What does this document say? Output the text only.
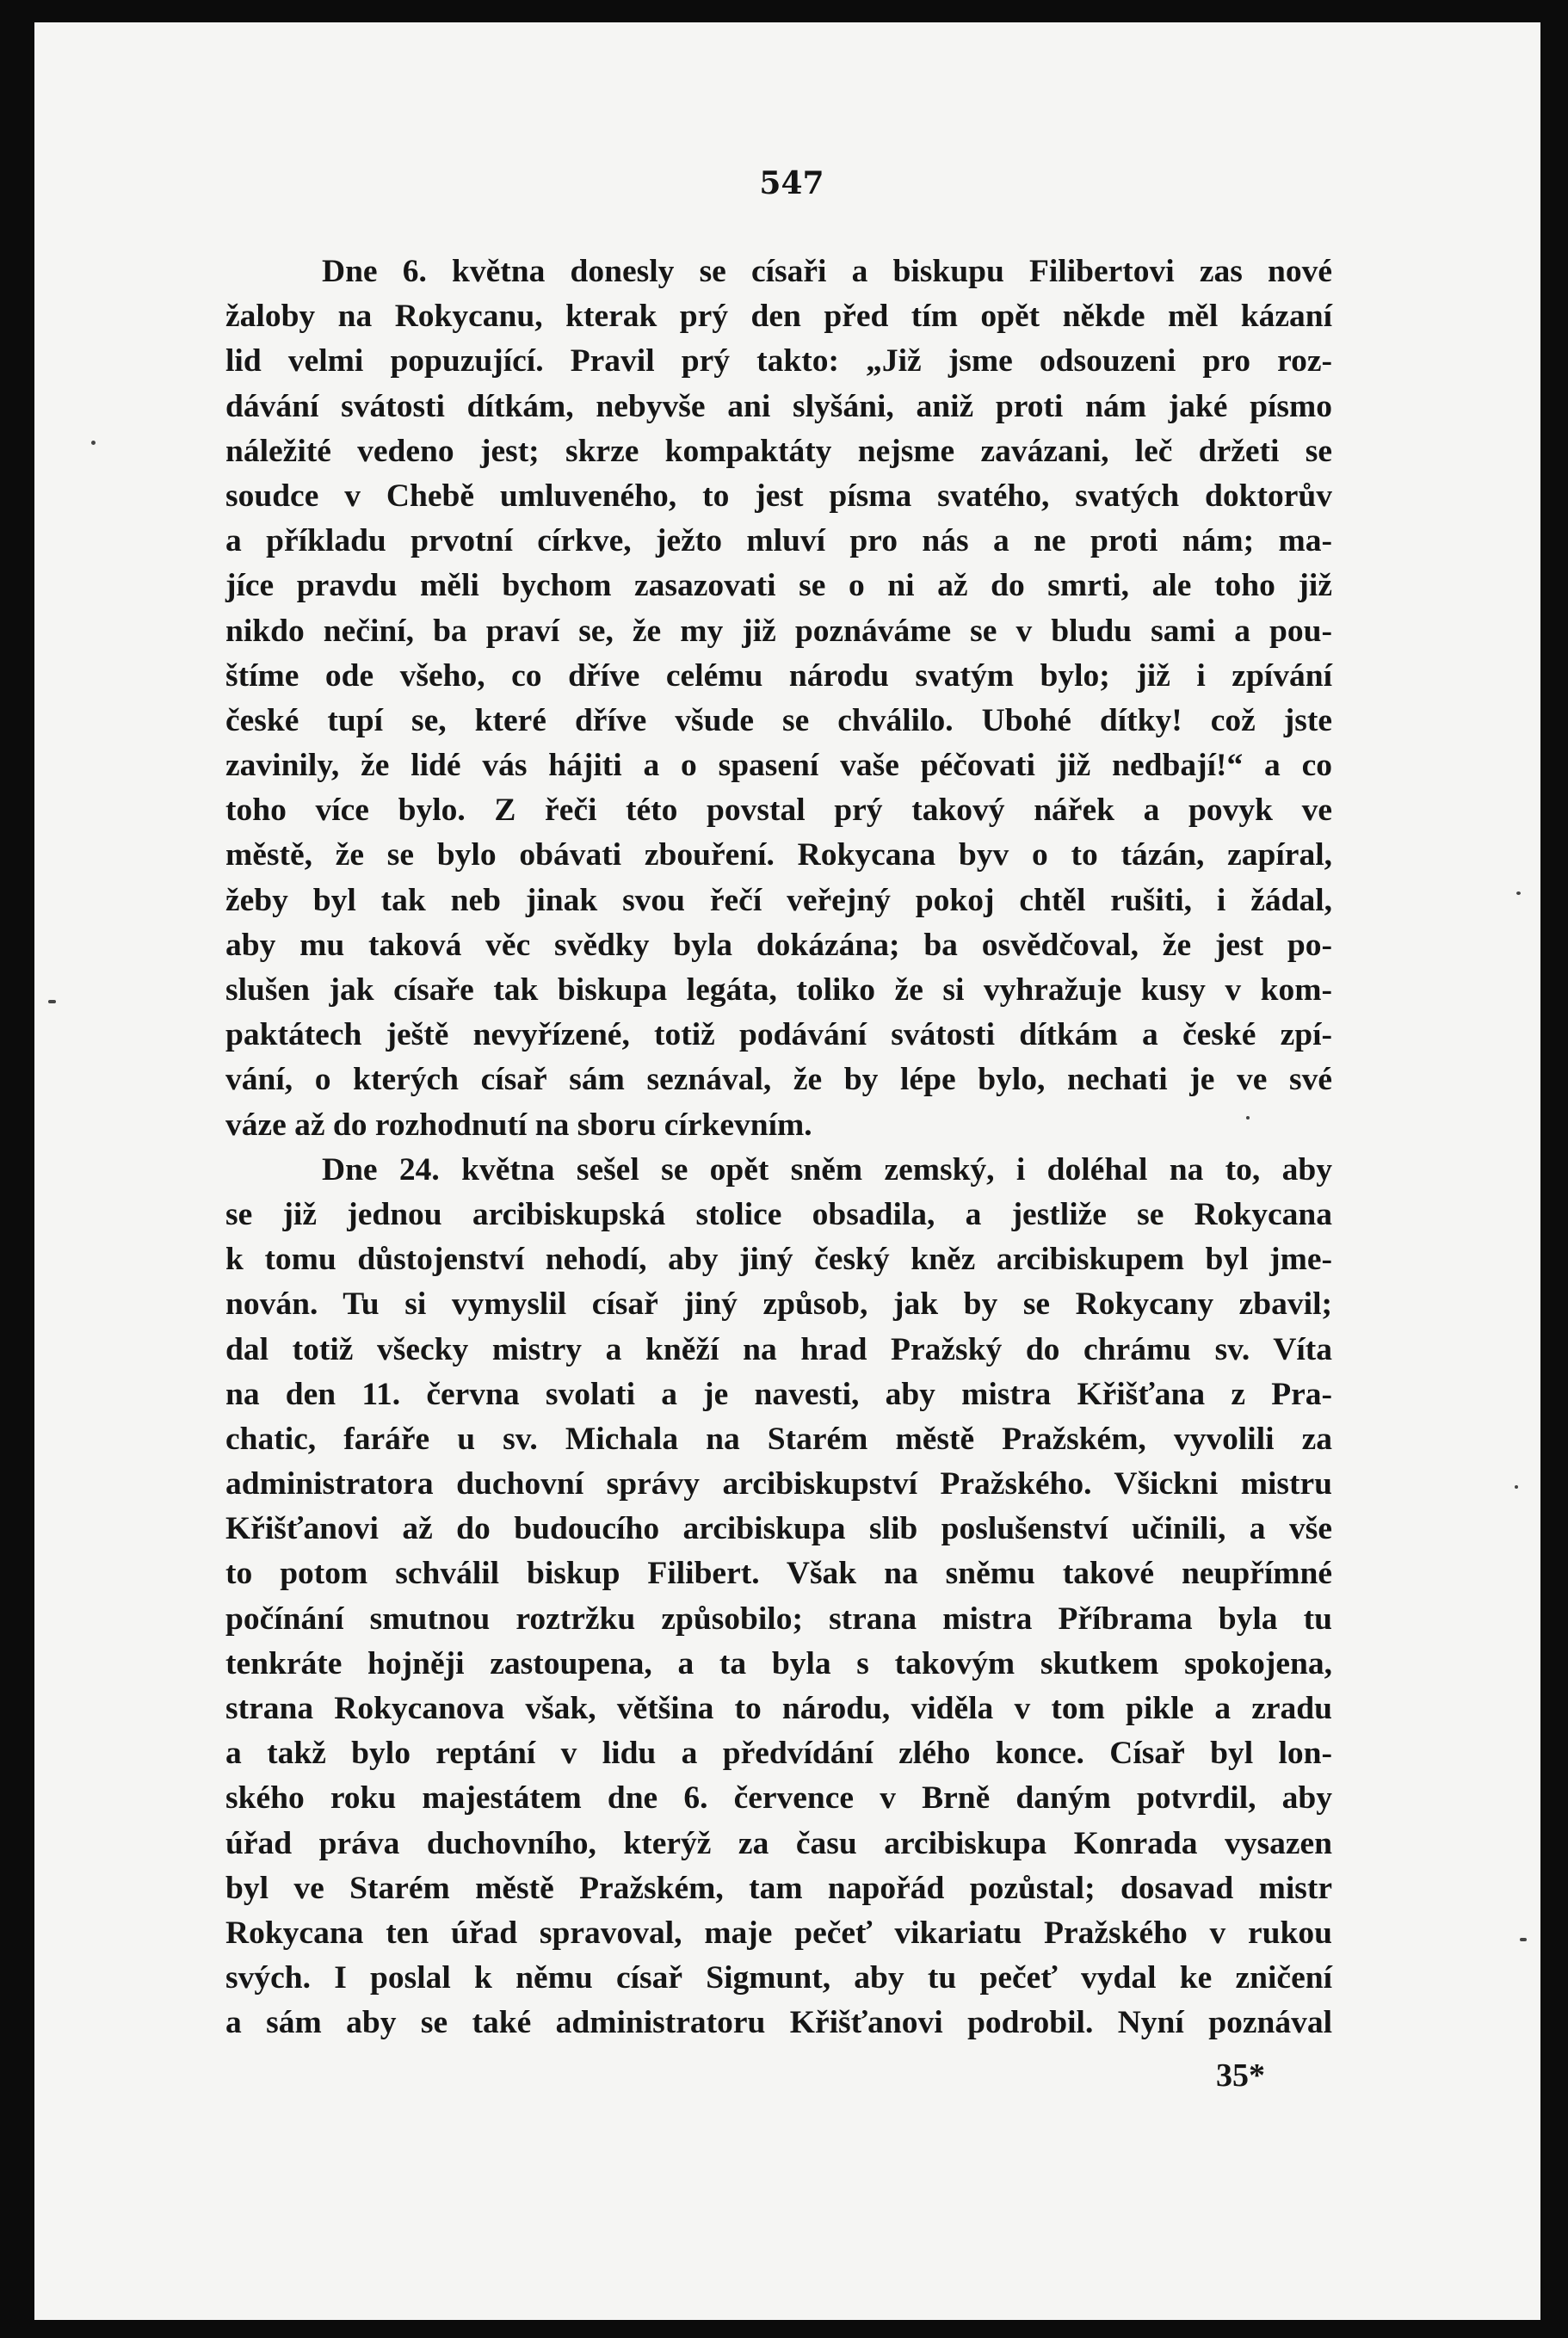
547
Dne 6. května donesly se císaři a biskupu Filibertovi zas nové
žaloby na Rokycanu, kterak prý den před tím opět někde měl kázaní
lid velmi popuzující. Pravil prý takto: „Již jsme odsouzeni pro roz-
dávání svátosti dítkám, nebyvše ani slyšáni, aniž proti nám jaké písmo
náležité vedeno jest; skrze kompaktáty nejsme zavázani, leč držeti se
soudce v Chebě umluveného, to jest písma svatého, svatých doktorův
a příkladu prvotní církve, ježto mluví pro nás a ne proti nám; ma-
jíce pravdu měli bychom zasazovati se o ni až do smrti, ale toho již
nikdo nečiní, ba praví se, že my již poznáváme se v bludu sami a pou-
štíme ode všeho, co dříve celému národu svatým bylo; již i zpívání
české tupí se, které dříve všude se chválilo. Ubohé dítky! což jste
zavinily, že lidé vás hájiti a o spasení vaše péčovati již nedbají!“ a co
toho více bylo. Z řeči této povstal prý takový nářek a povyk ve
městě, že se bylo obávati zbouření. Rokycana byv o to tázán, zapíral,
žeby byl tak neb jinak svou řečí veřejný pokoj chtěl rušiti, i žádal,
aby mu taková věc svědky byla dokázána; ba osvědčoval, že jest po-
slušen jak císaře tak biskupa legáta, toliko že si vyhražuje kusy v kom-
paktátech ještě nevyřízené, totiž podávání svátosti dítkám a české zpí-
vání, o kterých císař sám seznával, že by lépe bylo, nechati je ve své
váze až do rozhodnutí na sboru církevním.
Dne 24. května sešel se opět sněm zemský, i doléhal na to, aby
se již jednou arcibiskupská stolice obsadila, a jestliže se Rokycana
k tomu důstojenství nehodí, aby jiný český kněz arcibiskupem byl jme-
nován. Tu si vymyslil císař jiný způsob, jak by se Rokycany zbavil;
dal totiž všecky mistry a kněží na hrad Pražský do chrámu sv. Víta
na den 11. června svolati a je navesti, aby mistra Křišťana z Pra-
chatic, faráře u sv. Michala na Starém městě Pražském, vyvolili za
administratora duchovní správy arcibiskupství Pražského. Všickni mistru
Křišťanovi až do budoucího arcibiskupa slib poslušenství učinili, a vše
to potom schválil biskup Filibert. Však na sněmu takové neupřímné
počínání smutnou roztržku způsobilo; strana mistra Příbrama byla tu
tenkráte hojněji zastoupena, a ta byla s takovým skutkem spokojena,
strana Rokycanova však, většina to národu, viděla v tom pikle a zradu
a takž bylo reptání v lidu a předvídání zlého konce. Císař byl lon-
ského roku majestátem dne 6. července v Brně daným potvrdil, aby
úřad práva duchovního, kterýž za času arcibiskupa Konrada vysazen
byl ve Starém městě Pražském, tam napořád pozůstal; dosavad mistr
Rokycana ten úřad spravoval, maje pečeť vikariatu Pražského v rukou
svých. I poslal k němu císař Sigmunt, aby tu pečeť vydal ke zničení
a sám aby se také administratoru Křišťanovi podrobil. Nyní poznával
35*
